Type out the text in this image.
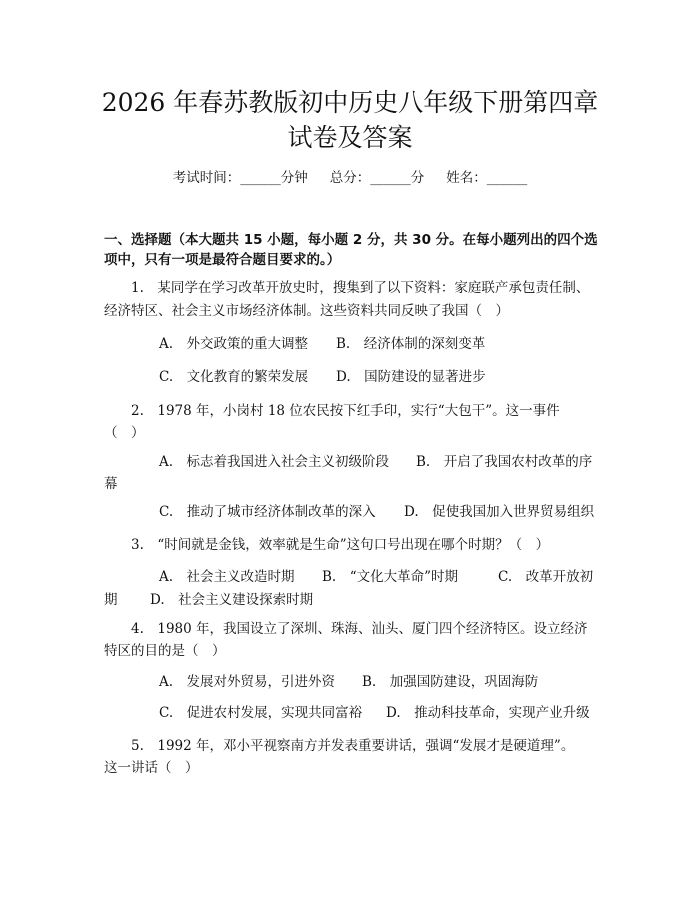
2026 年春苏教版初中历史八年级下册第四章
试卷及答案
考试时间：______分钟 总分：______分 姓名：______
一、选择题（本大题共 15 小题，每小题 2 分，共 30 分。在每小题列出的四个选
项中，只有一项是最符合题目要求的。）
1.　某同学在学习改革开放史时，搜集到了以下资料：家庭联产承包责任制、
经济特区、社会主义市场经济体制。这些资料共同反映了我国（　）
A.　外交政策的重大调整 B.　经济体制的深刻变革
C.　文化教育的繁荣发展 D.　国防建设的显著进步
2.　1978 年，小岗村 18 位农民按下红手印，实行“大包干”。这一事件
（　）
A.　标志着我国进入社会主义初级阶段 B.　开启了我国农村改革的序
幕
C.　推动了城市经济体制改革的深入 D.　促使我国加入世界贸易组织
3.　“时间就是金钱，效率就是生命”这句口号出现在哪个时期？（　）
A.　社会主义改造时期 B.　“文化大革命”时期	C.　改革开放初
期 D.　社会主义建设探索时期
4.　1980 年，我国设立了深圳、珠海、汕头、厦门四个经济特区。设立经济
特区的目的是（　）
A.　发展对外贸易，引进外资 B.　加强国防建设，巩固海防
C.　促进农村发展，实现共同富裕 D.　推动科技革命，实现产业升级
5.　1992 年，邓小平视察南方并发表重要讲话，强调“发展才是硬道理”。
这一讲话（　）
